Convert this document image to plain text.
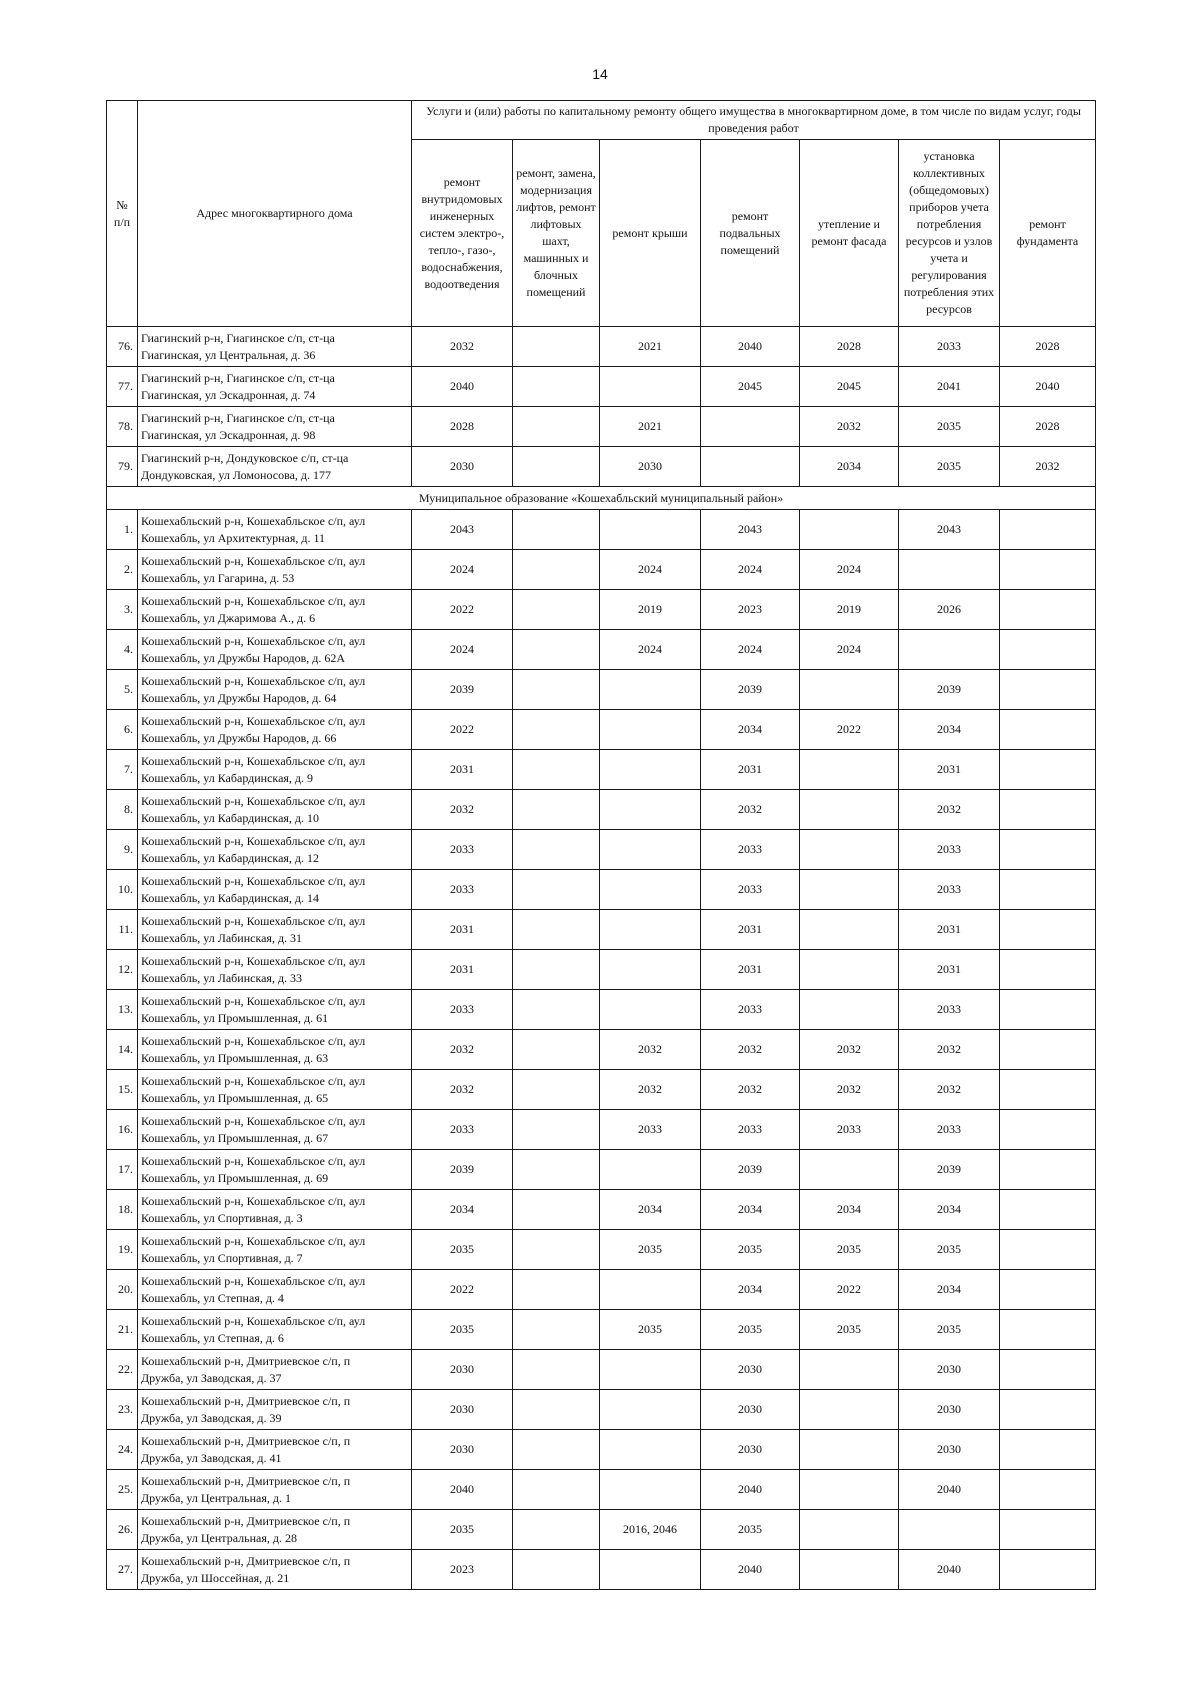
14
№ п/п	Адрес многоквартирного дома	Услуги и (или) работы по капитальному ремонту общего имущества в многоквартирном доме, в том числе по видам услуг, годы проведения работ						
		ремонт внутридомовых инженерных систем электро-, тепло-, газо-, водоснабжения, водоотведения	ремонт, замена, модернизация лифтов, ремонт лифтовых шахт, машинных и блочных помещений	ремонт крыши	ремонт подвальных помещений	утепление и ремонт фасада	установка коллективных (общедомовых) приборов учета потребления ресурсов и узлов учета и регулирования потребления этих ресурсов	ремонт фундамента
76.	Гиагинский р-н, Гиагинское с/п, ст-ца
Гиагинская, ул Центральная, д. 36	2032		2021	2040	2028	2033	2028
77.	Гиагинский р-н, Гиагинское с/п, ст-ца
Гиагинская, ул Эскадронная, д. 74	2040			2045	2045	2041	2040
78.	Гиагинский р-н, Гиагинское с/п, ст-ца
Гиагинская, ул Эскадронная, д. 98	2028		2021		2032	2035	2028
79.	Гиагинский р-н, Дондуковское с/п, ст-ца
Дондуковская, ул Ломоносова, д. 177	2030		2030		2034	2035	2032
Муниципальное образование «Кошехабльский муниципальный район»								
1.	Кошехабльский р-н, Кошехабльское с/п, аул
Кошехабль, ул Архитектурная, д. 11	2043			2043		2043	
2.	Кошехабльский р-н, Кошехабльское с/п, аул
Кошехабль, ул Гагарина, д. 53	2024		2024	2024	2024		
3.	Кошехабльский р-н, Кошехабльское с/п, аул
Кошехабль, ул Джаримова А., д. 6	2022		2019	2023	2019	2026	
4.	Кошехабльский р-н, Кошехабльское с/п, аул
Кошехабль, ул Дружбы Народов, д. 62А	2024		2024	2024	2024		
5.	Кошехабльский р-н, Кошехабльское с/п, аул
Кошехабль, ул Дружбы Народов, д. 64	2039			2039		2039	
6.	Кошехабльский р-н, Кошехабльское с/п, аул
Кошехабль, ул Дружбы Народов, д. 66	2022			2034	2022	2034	
7.	Кошехабльский р-н, Кошехабльское с/п, аул
Кошехабль, ул Кабардинская, д. 9	2031			2031		2031	
8.	Кошехабльский р-н, Кошехабльское с/п, аул
Кошехабль, ул Кабардинская, д. 10	2032			2032		2032	
9.	Кошехабльский р-н, Кошехабльское с/п, аул
Кошехабль, ул Кабардинская, д. 12	2033			2033		2033	
10.	Кошехабльский р-н, Кошехабльское с/п, аул
Кошехабль, ул Кабардинская, д. 14	2033			2033		2033	
11.	Кошехабльский р-н, Кошехабльское с/п, аул
Кошехабль, ул Лабинская, д. 31	2031			2031		2031	
12.	Кошехабльский р-н, Кошехабльское с/п, аул
Кошехабль, ул Лабинская, д. 33	2031			2031		2031	
13.	Кошехабльский р-н, Кошехабльское с/п, аул
Кошехабль, ул Промышленная, д. 61	2033			2033		2033	
14.	Кошехабльский р-н, Кошехабльское с/п, аул
Кошехабль, ул Промышленная, д. 63	2032		2032	2032	2032	2032	
15.	Кошехабльский р-н, Кошехабльское с/п, аул
Кошехабль, ул Промышленная, д. 65	2032		2032	2032	2032	2032	
16.	Кошехабльский р-н, Кошехабльское с/п, аул
Кошехабль, ул Промышленная, д. 67	2033		2033	2033	2033	2033	
17.	Кошехабльский р-н, Кошехабльское с/п, аул
Кошехабль, ул Промышленная, д. 69	2039			2039		2039	
18.	Кошехабльский р-н, Кошехабльское с/п, аул
Кошехабль, ул Спортивная, д. 3	2034		2034	2034	2034	2034	
19.	Кошехабльский р-н, Кошехабльское с/п, аул
Кошехабль, ул Спортивная, д. 7	2035		2035	2035	2035	2035	
20.	Кошехабльский р-н, Кошехабльское с/п, аул
Кошехабль, ул Степная, д. 4	2022			2034	2022	2034	
21.	Кошехабльский р-н, Кошехабльское с/п, аул
Кошехабль, ул Степная, д. 6	2035		2035	2035	2035	2035	
22.	Кошехабльский р-н, Дмитриевское с/п, п
Дружба, ул Заводская, д. 37	2030			2030		2030	
23.	Кошехабльский р-н, Дмитриевское с/п, п
Дружба, ул Заводская, д. 39	2030			2030		2030	
24.	Кошехабльский р-н, Дмитриевское с/п, п
Дружба, ул Заводская, д. 41	2030			2030		2030	
25.	Кошехабльский р-н, Дмитриевское с/п, п
Дружба, ул Центральная, д. 1	2040			2040		2040	
26.	Кошехабльский р-н, Дмитриевское с/п, п
Дружба, ул Центральная, д. 28	2035		2016, 2046	2035			
27.	Кошехабльский р-н, Дмитриевское с/п, п
Дружба, ул Шоссейная, д. 21	2023			2040		2040	
